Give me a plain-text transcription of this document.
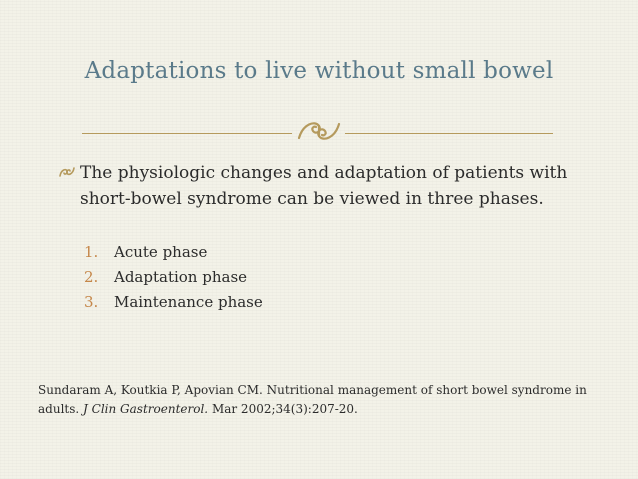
Adaptations to live without small bowel
The physiologic changes and adaptation of patients with short-bowel syndrome can be viewed in three phases.
1. Acute phase
2. Adaptation phase
3. Maintenance phase
Sundaram A, Koutkia P, Apovian CM. Nutritional management of short bowel syndrome in adults. J Clin Gastroenterol. Mar 2002;34(3):207-20.
